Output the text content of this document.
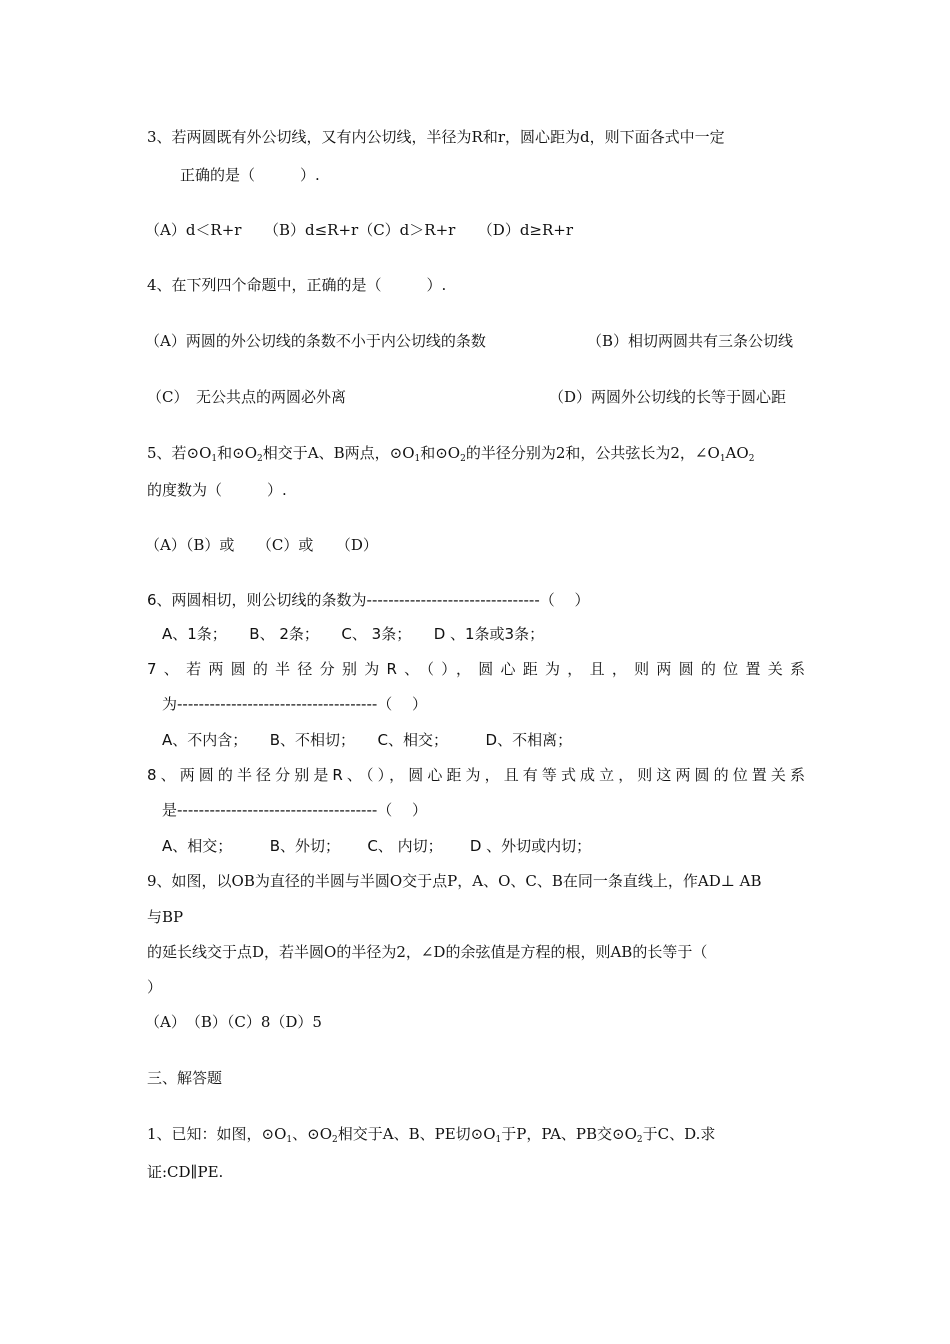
3、若两圆既有外公切线，又有内公切线，半径为R和r，圆心距为d，则下面各式中一定
正确的是（　　　）.
（A）d＜R+r　　（B）d≤R+r（C）d＞R+r　　（D）d≥R+r
4、在下列四个命题中，正确的是（　　　）.
（A）两圆的外公切线的条数不小于内公切线的条数	（B）相切两圆共有三条公切线
（C）　无公共点的两圆必外离	（D）两圆外公切线的长等于圆心距
5、若$⊙O_1$和$⊙O_2$相交于A、B两点，$⊙O_1$和$⊙O_2$的半径分别为2和，公共弦长为2，$\angle O_1AO_2$
的度数为（　　　）.
（A）（B）或　　（C）或　　（D）
6、两圆相切，则公切线的条数为--------------------------------（　 ）
A、1条；　　B、 2条；　　C、 3条；　　D 、1条或3条；
7、若两圆的半径分别为R、（），圆心距为，且，则两圆的位置关系
为-------------------------------------（　 ）
A、不内含；　　B、不相切；　　C、相交；　　　D、不相离；
8、两圆的半径分别是R、（），圆心距为，且有等式成立，则这两圆的位置关系
是-------------------------------------（　 ）
A、相交；　　　B、外切；　　 C、 内切；　　 D 、外切或内切；
9、如图，以OB为直径的半圆与半圆O交于点P，A、O、C、B在同一条直线上，作AD⊥ AB
与BP
的延长线交于点D，若半圆O的半径为2，∠D的余弦值是方程的根，则AB的长等于（
）
（A）　（B）（C）8（D）5
三、解答题
1、已知：如图，$⊙O_1$、$⊙O_2$相交于A、B、PE切$⊙O_1$于P，PA、PB交$⊙O_2$于C、D.求
证:CD∥PE.
